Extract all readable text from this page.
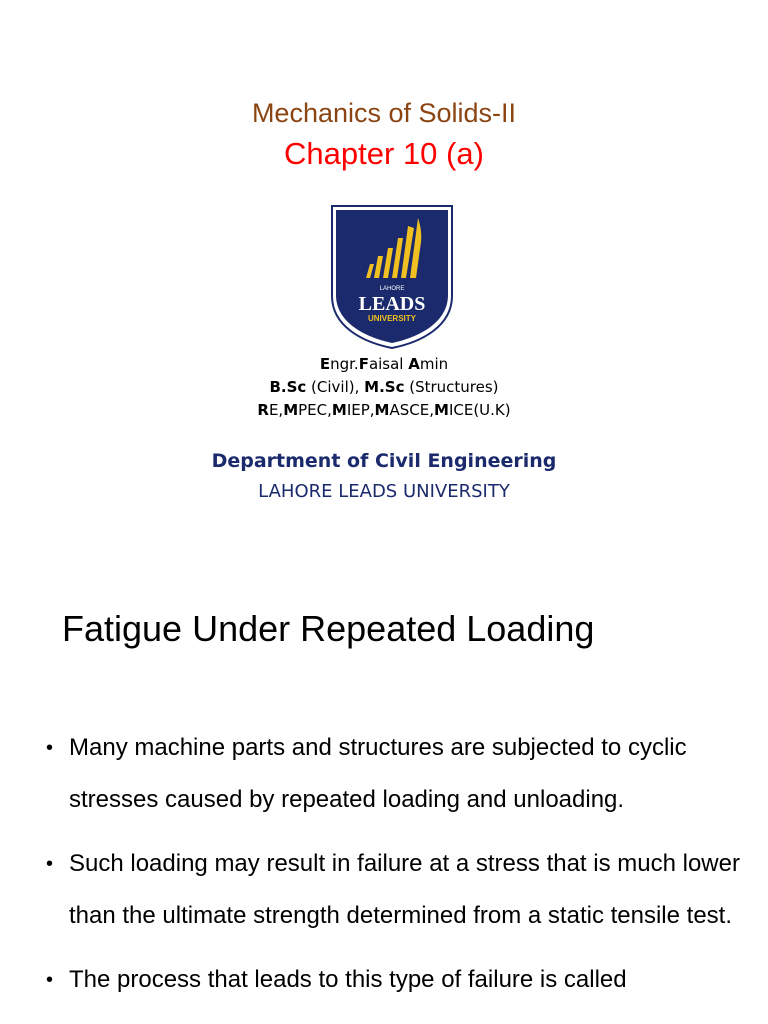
Mechanics of Solids-II
Chapter 10 (a)
LAHORE
LEADS
UNIVERSITY
Engr.Faisal Amin
B.Sc (Civil), M.Sc (Structures)
RE,MPEC,MIEP,MASCE,MICE(U.K)
Department of Civil Engineering
LAHORE LEADS UNIVERSITY
Fatigue Under Repeated Loading
• Many machine parts and structures are subjected to cyclic stresses caused by repeated loading and unloading.
• Such loading may result in failure at a stress that is much lower than the ultimate strength determined from a static tensile test.
• The process that leads to this type of failure is called
